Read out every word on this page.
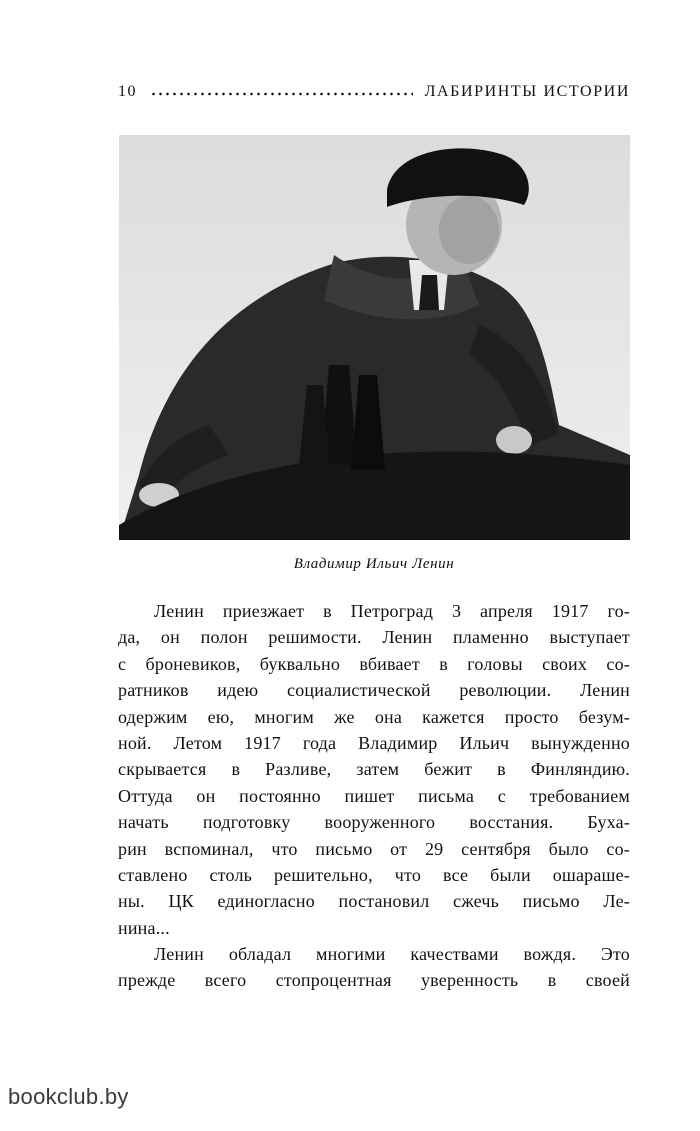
10	ЛАБИРИНТЫ ИСТОРИИ
Владимир Ильич Ленин
Ленин приезжает в Петроград 3 апреля 1917 го-
да, он полон решимости. Ленин пламенно выступает
с броневиков, буквально вбивает в головы своих со-
ратников идею социалистической революции. Ленин
одержим ею, многим же она кажется просто безум-
ной. Летом 1917 года Владимир Ильич вынужденно
скрывается в Разливе, затем бежит в Финляндию.
Оттуда он постоянно пишет письма с требованием
начать подготовку вооруженного восстания. Буха-
рин вспоминал, что письмо от 29 сентября было со-
ставлено столь решительно, что все были ошараше-
ны. ЦК единогласно постановил сжечь письмо Ле-
нина...
Ленин обладал многими качествами вождя. Это
прежде всего стопроцентная уверенность в своей
bookclub.by
